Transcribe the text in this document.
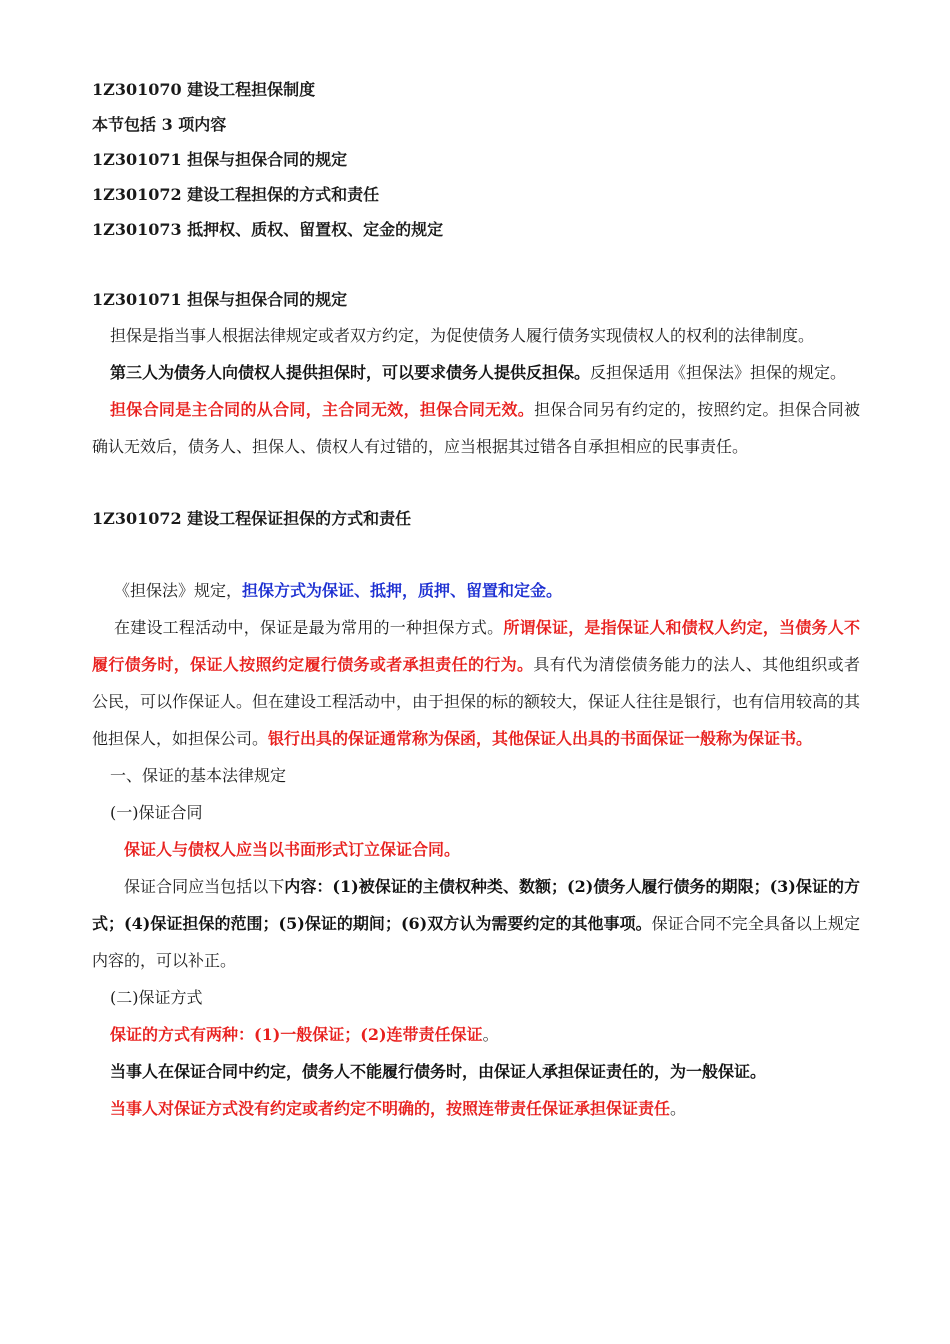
1Z301070 建设工程担保制度

本节包括 3 项内容

1Z301071 担保与担保合同的规定

1Z301072 建设工程担保的方式和责任

1Z301073 抵押权、质权、留置权、定金的规定

1Z301071 担保与担保合同的规定

担保是指当事人根据法律规定或者双方约定，为促使债务人履行债务实现债权人的权利的法律制度。

第三人为债务人向债权人提供担保时，可以要求债务人提供反担保。反担保适用《担保法》担保的规定。

担保合同是主合同的从合同，主合同无效，担保合同无效。担保合同另有约定的，按照约定。担保合同被确认无效后，债务人、担保人、债权人有过错的，应当根据其过错各自承担相应的民事责任。

1Z301072 建设工程保证担保的方式和责任

《担保法》规定，担保方式为保证、抵押，质押、留置和定金。

在建设工程活动中，保证是最为常用的一种担保方式。所谓保证，是指保证人和债权人约定，当债务人不履行债务时，保证人按照约定履行债务或者承担责任的行为。具有代为清偿债务能力的法人、其他组织或者公民，可以作保证人。但在建设工程活动中，由于担保的标的额较大，保证人往往是银行，也有信用较高的其他担保人，如担保公司。银行出具的保证通常称为保函，其他保证人出具的书面保证一般称为保证书。

一、保证的基本法律规定

(一)保证合同

保证人与债权人应当以书面形式订立保证合同。

保证合同应当包括以下内容：(1)被保证的主债权种类、数额；(2)债务人履行债务的期限；(3)保证的方式；(4)保证担保的范围；(5)保证的期间；(6)双方认为需要约定的其他事项。保证合同不完全具备以上规定内容的，可以补正。

(二)保证方式

保证的方式有两种：(1)一般保证；(2)连带责任保证。

当事人在保证合同中约定，债务人不能履行债务时，由保证人承担保证责任的，为一般保证。

当事人对保证方式没有约定或者约定不明确的，按照连带责任保证承担保证责任。
